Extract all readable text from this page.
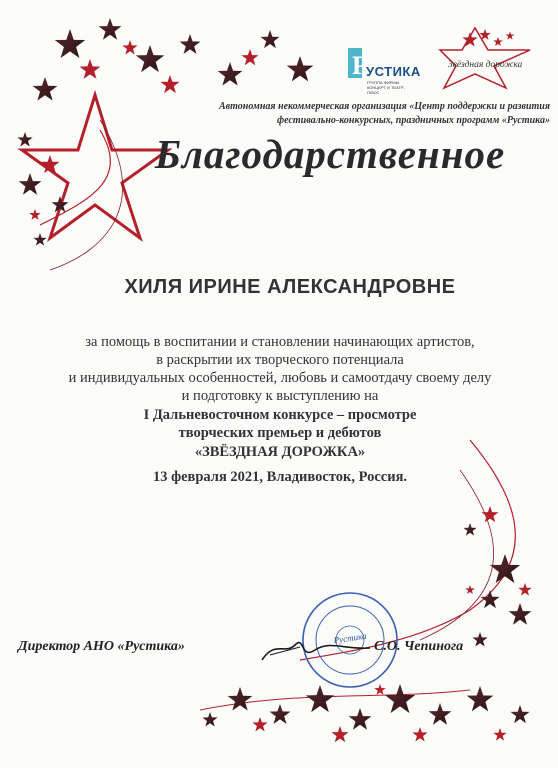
Р
УСТИКА
ГРУППА ФИРМЫ КОНЦЕРТ И ТЕАТР-ПЛЮС
Звёздная дорожка
Автономная некоммерческая организация «Центр поддержки и развития
фестивально-конкурсных, праздничных программ «Рустика»
Благодарственное
ХИЛЯ ИРИНЕ АЛЕКСАНДРОВНЕ
за помощь в воспитании и становлении начинающих артистов,
в раскрытии их творческого потенциала
и индивидуальных особенностей, любовь и самоотдачу своему делу
и подготовку к выступлению на
I Дальневосточном конкурсе – просмотре
творческих премьер и дебютов
«ЗВЁЗДНАЯ ДОРОЖКА»
13 февраля 2021, Владивосток, Россия.
Директор АНО «Рустика»	С.О. Чепинога
Рустика
